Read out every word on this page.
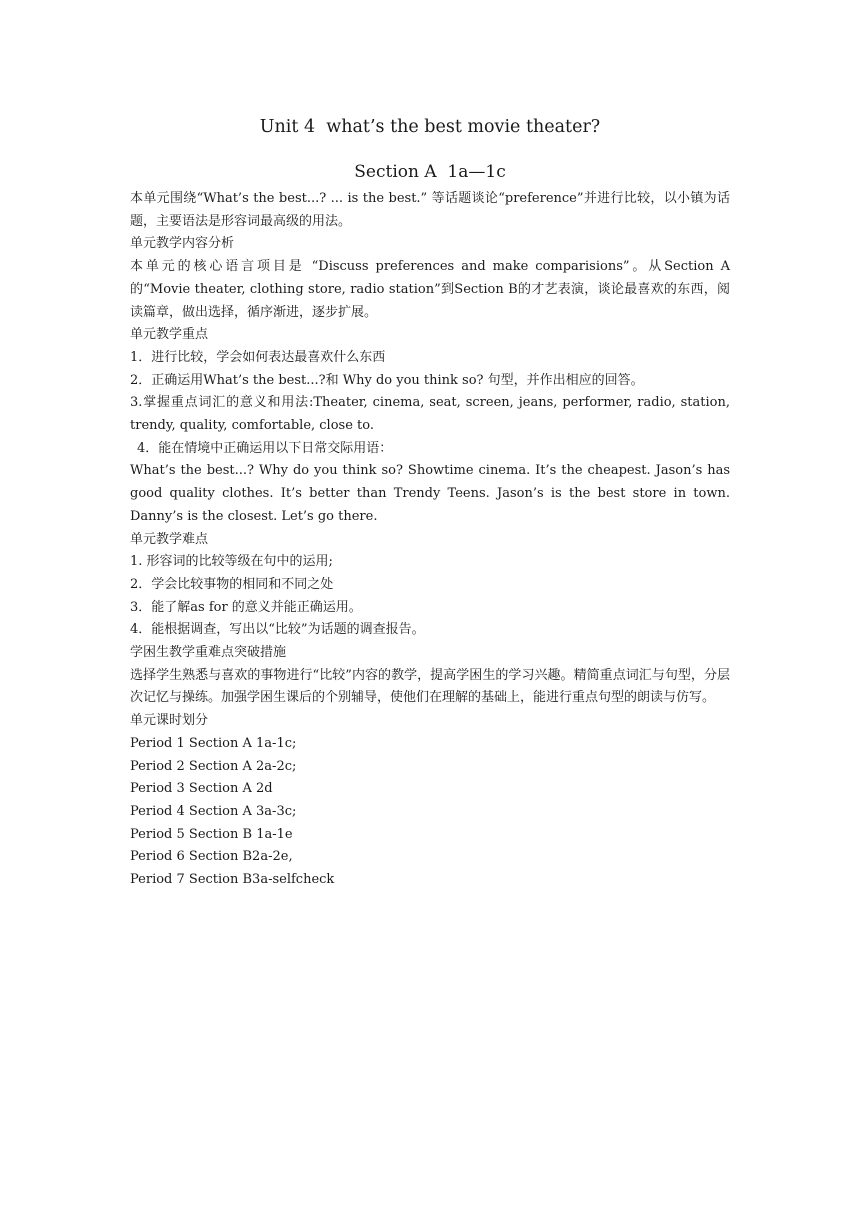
Unit 4  what’s the best movie theater?
Section A  1a—1c

本单元围绕“What’s the best...? ... is the best.” 等话题谈论“preference”并进行比较，以小镇为话题，主要语法是形容词最高级的用法。

单元教学内容分析

本单元的核心语言项目是 “Discuss preferences and make comparisions”。从Section A 的“Movie theater, clothing store, radio station”到Section B的才艺表演，谈论最喜欢的东西，阅读篇章，做出选择，循序渐进，逐步扩展。

单元教学重点

1．进行比较，学会如何表达最喜欢什么东西

2．正确运用What’s the best...?和 Why do you think so? 句型，并作出相应的回答。

3.掌握重点词汇的意义和用法:Theater, cinema, seat, screen, jeans, performer, radio, station, trendy, quality, comfortable, close to.

4．能在情境中正确运用以下日常交际用语：

What’s the best...? Why do you think so? Showtime cinema. It’s the cheapest. Jason’s has good quality clothes. It’s better than Trendy Teens. Jason’s is the best store in town. Danny’s is the closest. Let’s go there.

单元教学难点

1. 形容词的比较等级在句中的运用;

2．学会比较事物的相同和不同之处

3．能了解as for 的意义并能正确运用。

4．能根据调查，写出以“比较”为话题的调查报告。

学困生教学重难点突破措施

选择学生熟悉与喜欢的事物进行“比较”内容的教学，提高学困生的学习兴趣。精简重点词汇与句型，分层次记忆与操练。加强学困生课后的个别辅导，使他们在理解的基础上，能进行重点句型的朗读与仿写。

单元课时划分

Period 1 Section A 1a-1c;

Period 2 Section A 2a-2c;

Period 3 Section A 2d

Period 4 Section A 3a-3c;

Period 5 Section B 1a-1e

Period 6 Section B2a-2e,

Period 7 Section B3a-selfcheck
